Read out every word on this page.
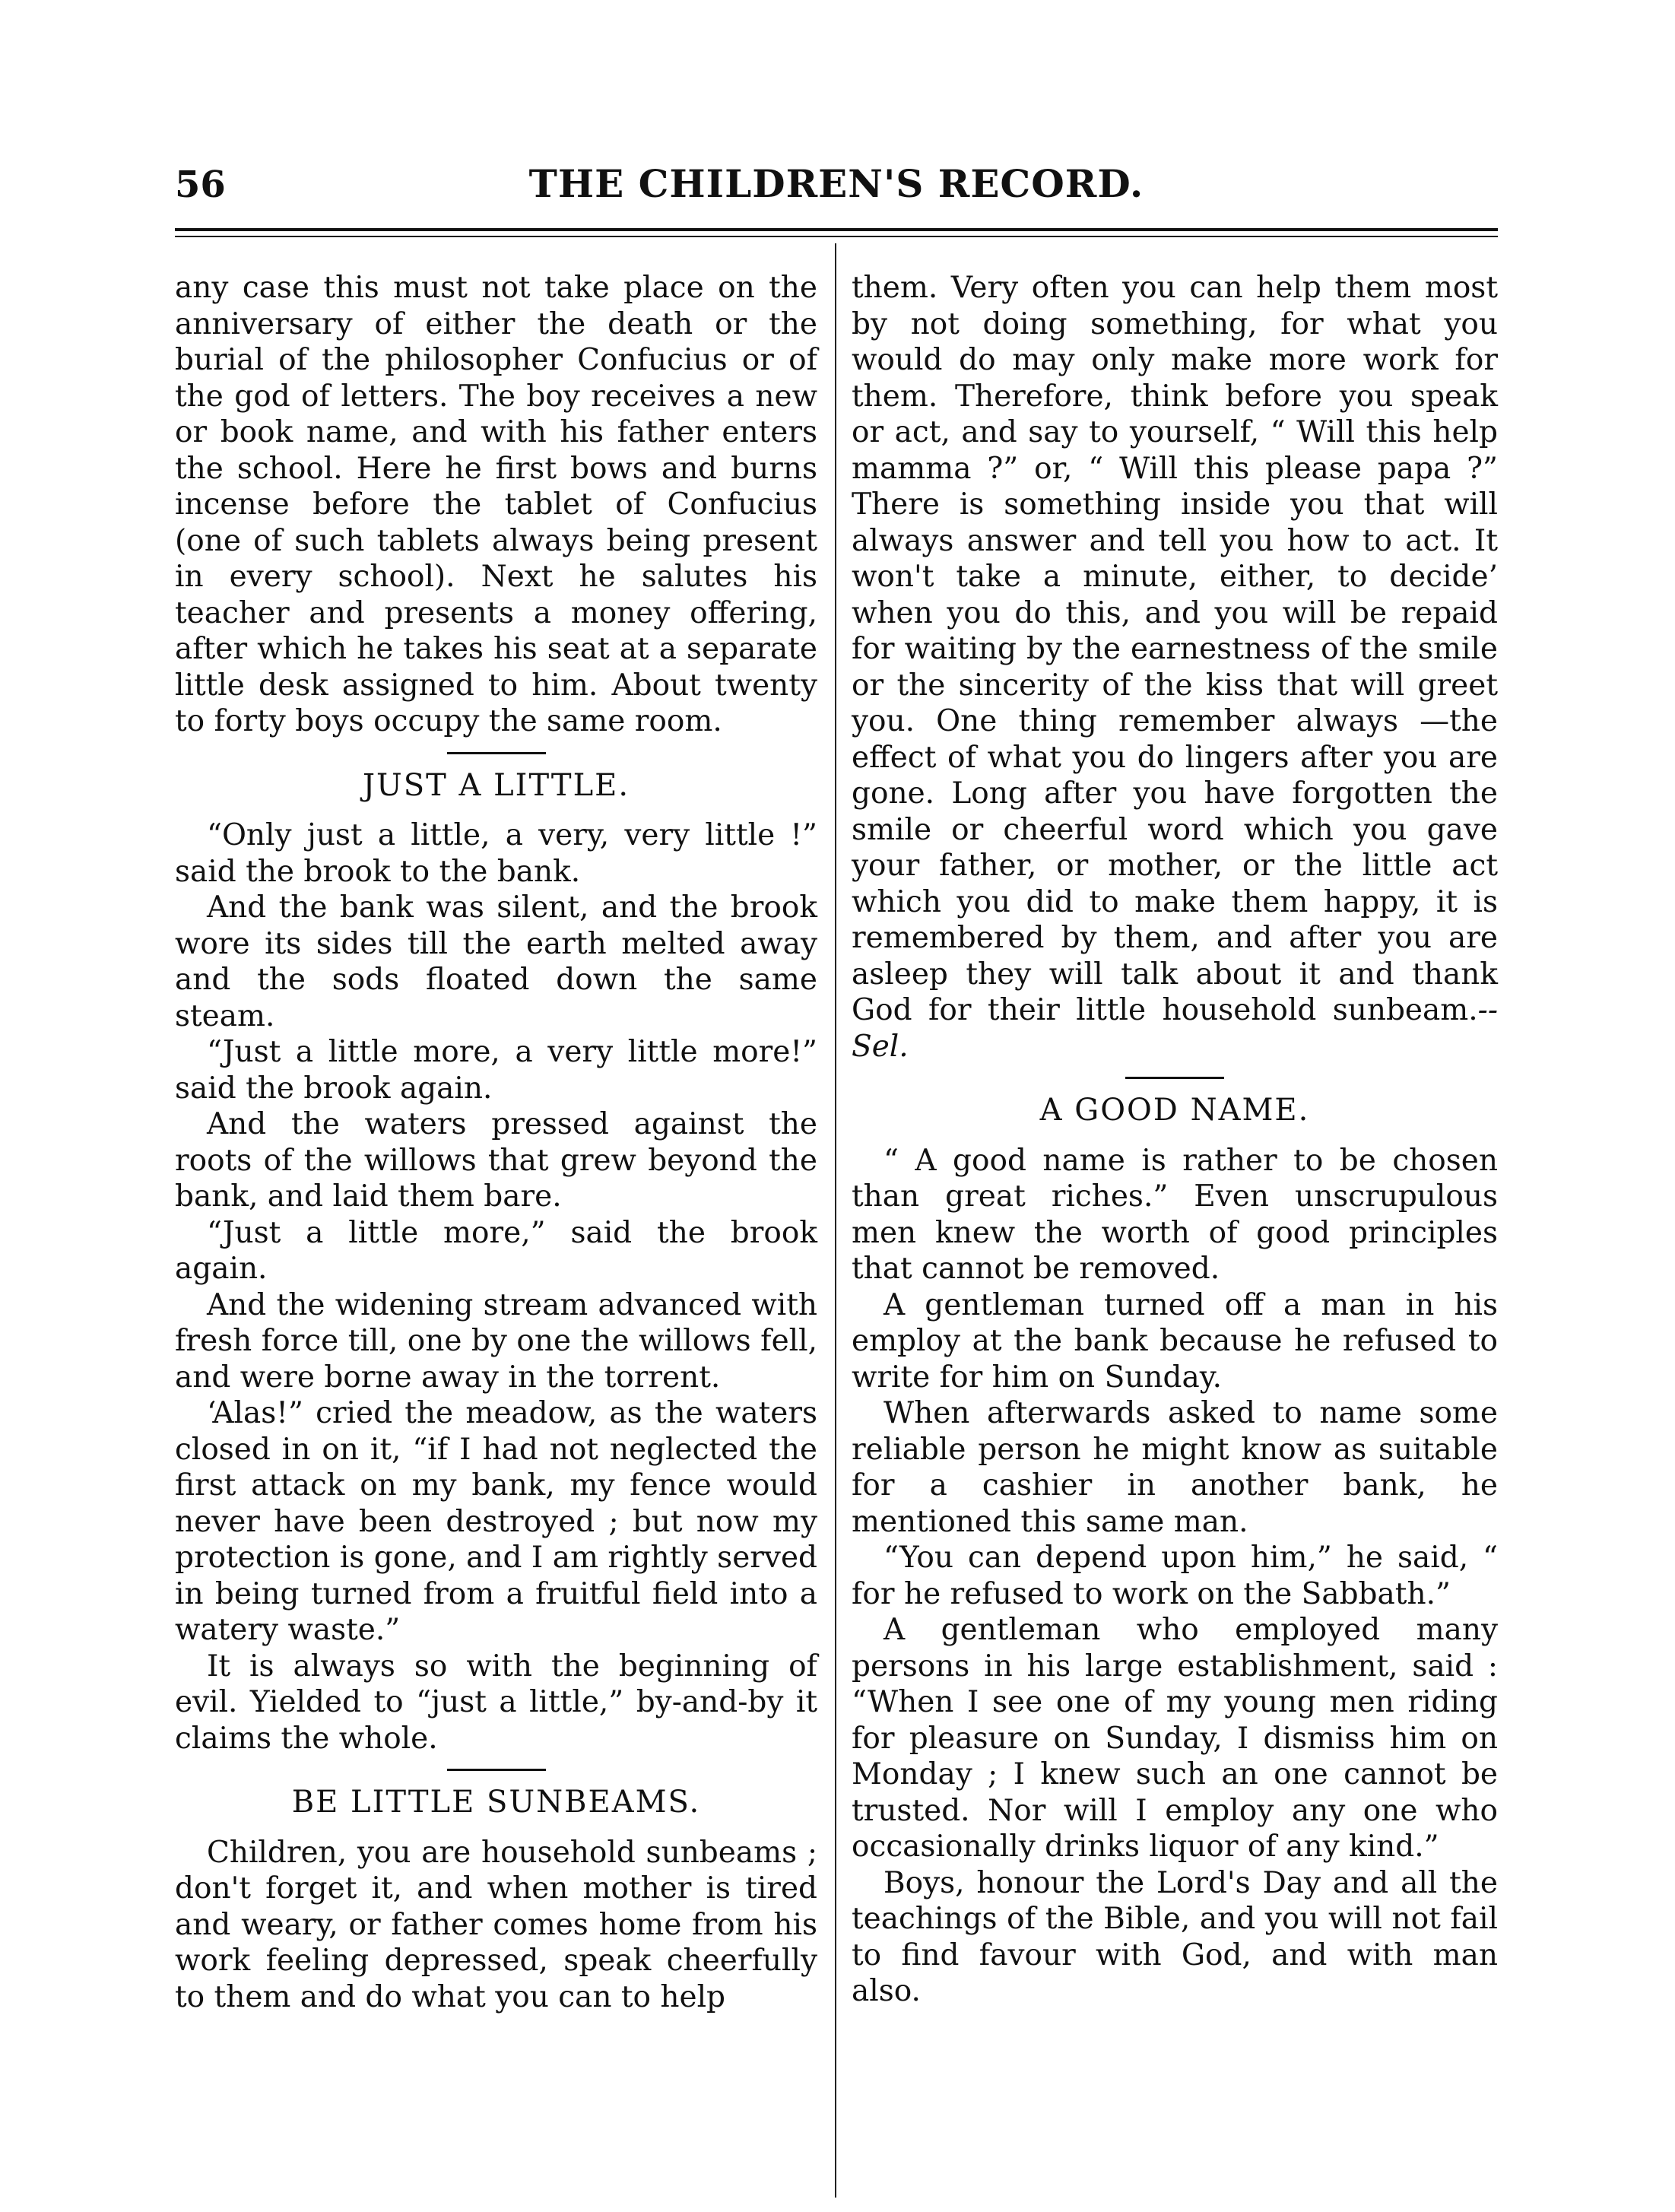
56	THE CHILDREN'S RECORD.

any case this must not take place on the anniversary of either the death or the burial of the philosopher Confucius or of the god of letters. The boy receives a new or book name, and with his father enters the school. Here he first bows and burns incense before the tablet of Confucius (one of such tablets always being present in every school). Next he salutes his teacher and presents a money offering, after which he takes his seat at a separate little desk assigned to him. About twenty to forty boys occupy the same room.

JUST A LITTLE.

“Only just a little, a very, very little !” said the brook to the bank.

And the bank was silent, and the brook wore its sides till the earth melted away and the sods floated down the same steam.

“Just a little more, a very little more!” said the brook again.

And the waters pressed against the roots of the willows that grew beyond the bank, and laid them bare.

“Just a little more,” said the brook again.

And the widening stream advanced with fresh force till, one by one the willows fell, and were borne away in the torrent.

‘Alas!” cried the meadow, as the waters closed in on it, “if I had not neglected the first attack on my bank, my fence would never have been destroyed ; but now my protection is gone, and I am rightly served in being turned from a fruitful field into a watery waste.”

It is always so with the beginning of evil. Yielded to “just a little,” by-and-by it claims the whole.

BE LITTLE SUNBEAMS.

Children, you are household sunbeams ; don't forget it, and when mother is tired and weary, or father comes home from his work feeling depressed, speak cheerfully to them and do what you can to help

them. Very often you can help them most by not doing something, for what you would do may only make more work for them. Therefore, think before you speak or act, and say to yourself, “ Will this help mamma ?” or, “ Will this please papa ?” There is something inside you that will always answer and tell you how to act. It won't take a minute, either, to decide’ when you do this, and you will be repaid for waiting by the earnestness of the smile or the sincerity of the kiss that will greet you. One thing remember always —the effect of what you do lingers after you are gone. Long after you have forgotten the smile or cheerful word which you gave your father, or mother, or the little act which you did to make them happy, it is remembered by them, and after you are asleep they will talk about it and thank God for their little household sunbeam.--Sel.

A GOOD NAME.

“ A good name is rather to be chosen than great riches.” Even unscrupulous men knew the worth of good principles that cannot be removed.

A gentleman turned off a man in his employ at the bank because he refused to write for him on Sunday.

When afterwards asked to name some reliable person he might know as suitable for a cashier in another bank, he mentioned this same man.

“You can depend upon him,” he said, “ for he refused to work on the Sabbath.”

A gentleman who employed many persons in his large establishment, said : “When I see one of my young men riding for pleasure on Sunday, I dismiss him on Monday ; I knew such an one cannot be trusted. Nor will I employ any one who occasionally drinks liquor of any kind.”

Boys, honour the Lord's Day and all the teachings of the Bible, and you will not fail to find favour with God, and with man also.
